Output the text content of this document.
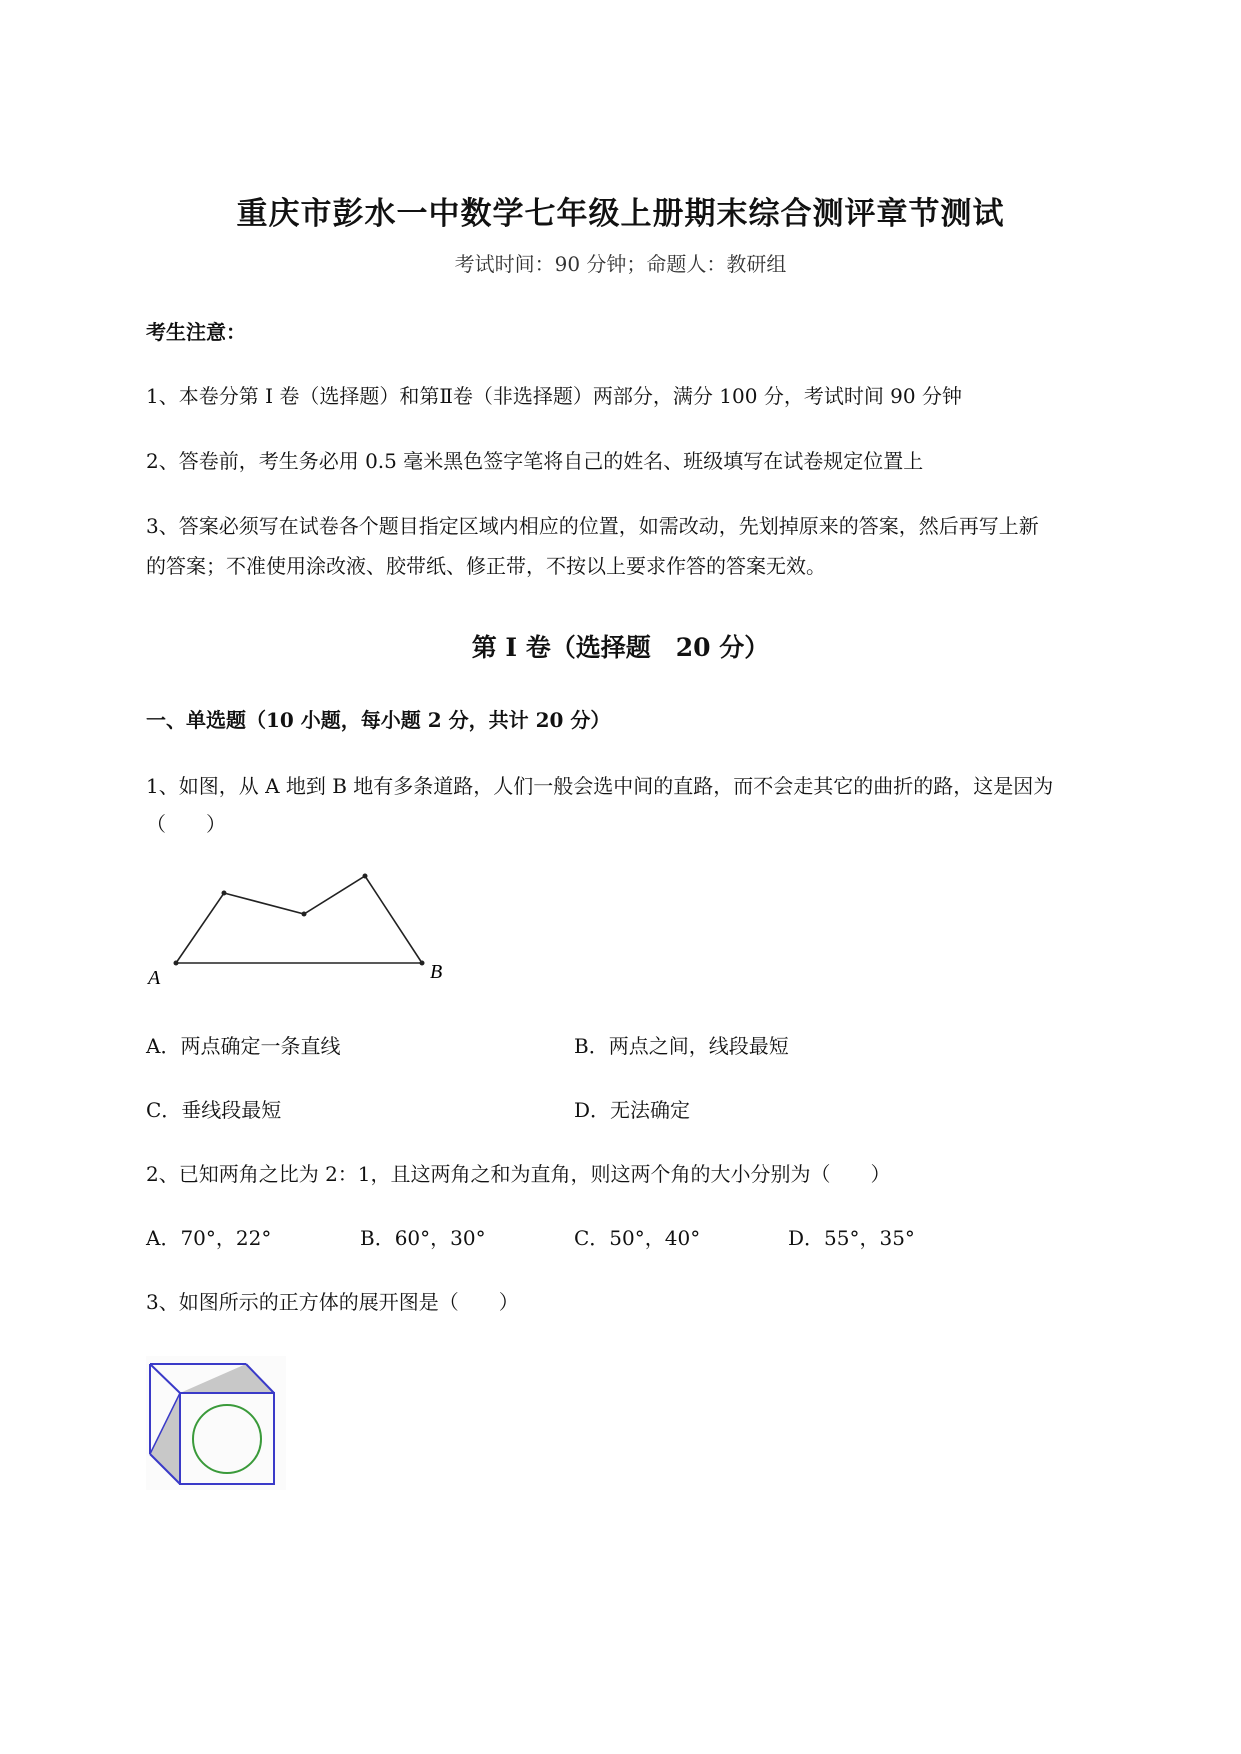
重庆市彭水一中数学七年级上册期末综合测评章节测试
考试时间：90 分钟；命题人：教研组
考生注意：
1、本卷分第 I 卷（选择题）和第Ⅱ卷（非选择题）两部分，满分 100 分，考试时间 90 分钟
2、答卷前，考生务必用 0.5 毫米黑色签字笔将自己的姓名、班级填写在试卷规定位置上
3、答案必须写在试卷各个题目指定区域内相应的位置，如需改动，先划掉原来的答案，然后再写上新
的答案；不准使用涂改液、胶带纸、修正带，不按以上要求作答的答案无效。
第 I 卷（选择题　20 分）
一、单选题（10 小题，每小题 2 分，共计 20 分）
1、如图，从 A 地到 B 地有多条道路，人们一般会选中间的直路，而不会走其它的曲折的路，这是因为
（　　）
A	B
A．两点确定一条直线	B．两点之间，线段最短
C．垂线段最短	D．无法确定
2、已知两角之比为 2：1，且这两角之和为直角，则这两个角的大小分别为（　　）
A．70°，22°	B．60°，30°	C．50°，40°	D．55°，35°
3、如图所示的正方体的展开图是（　　）
